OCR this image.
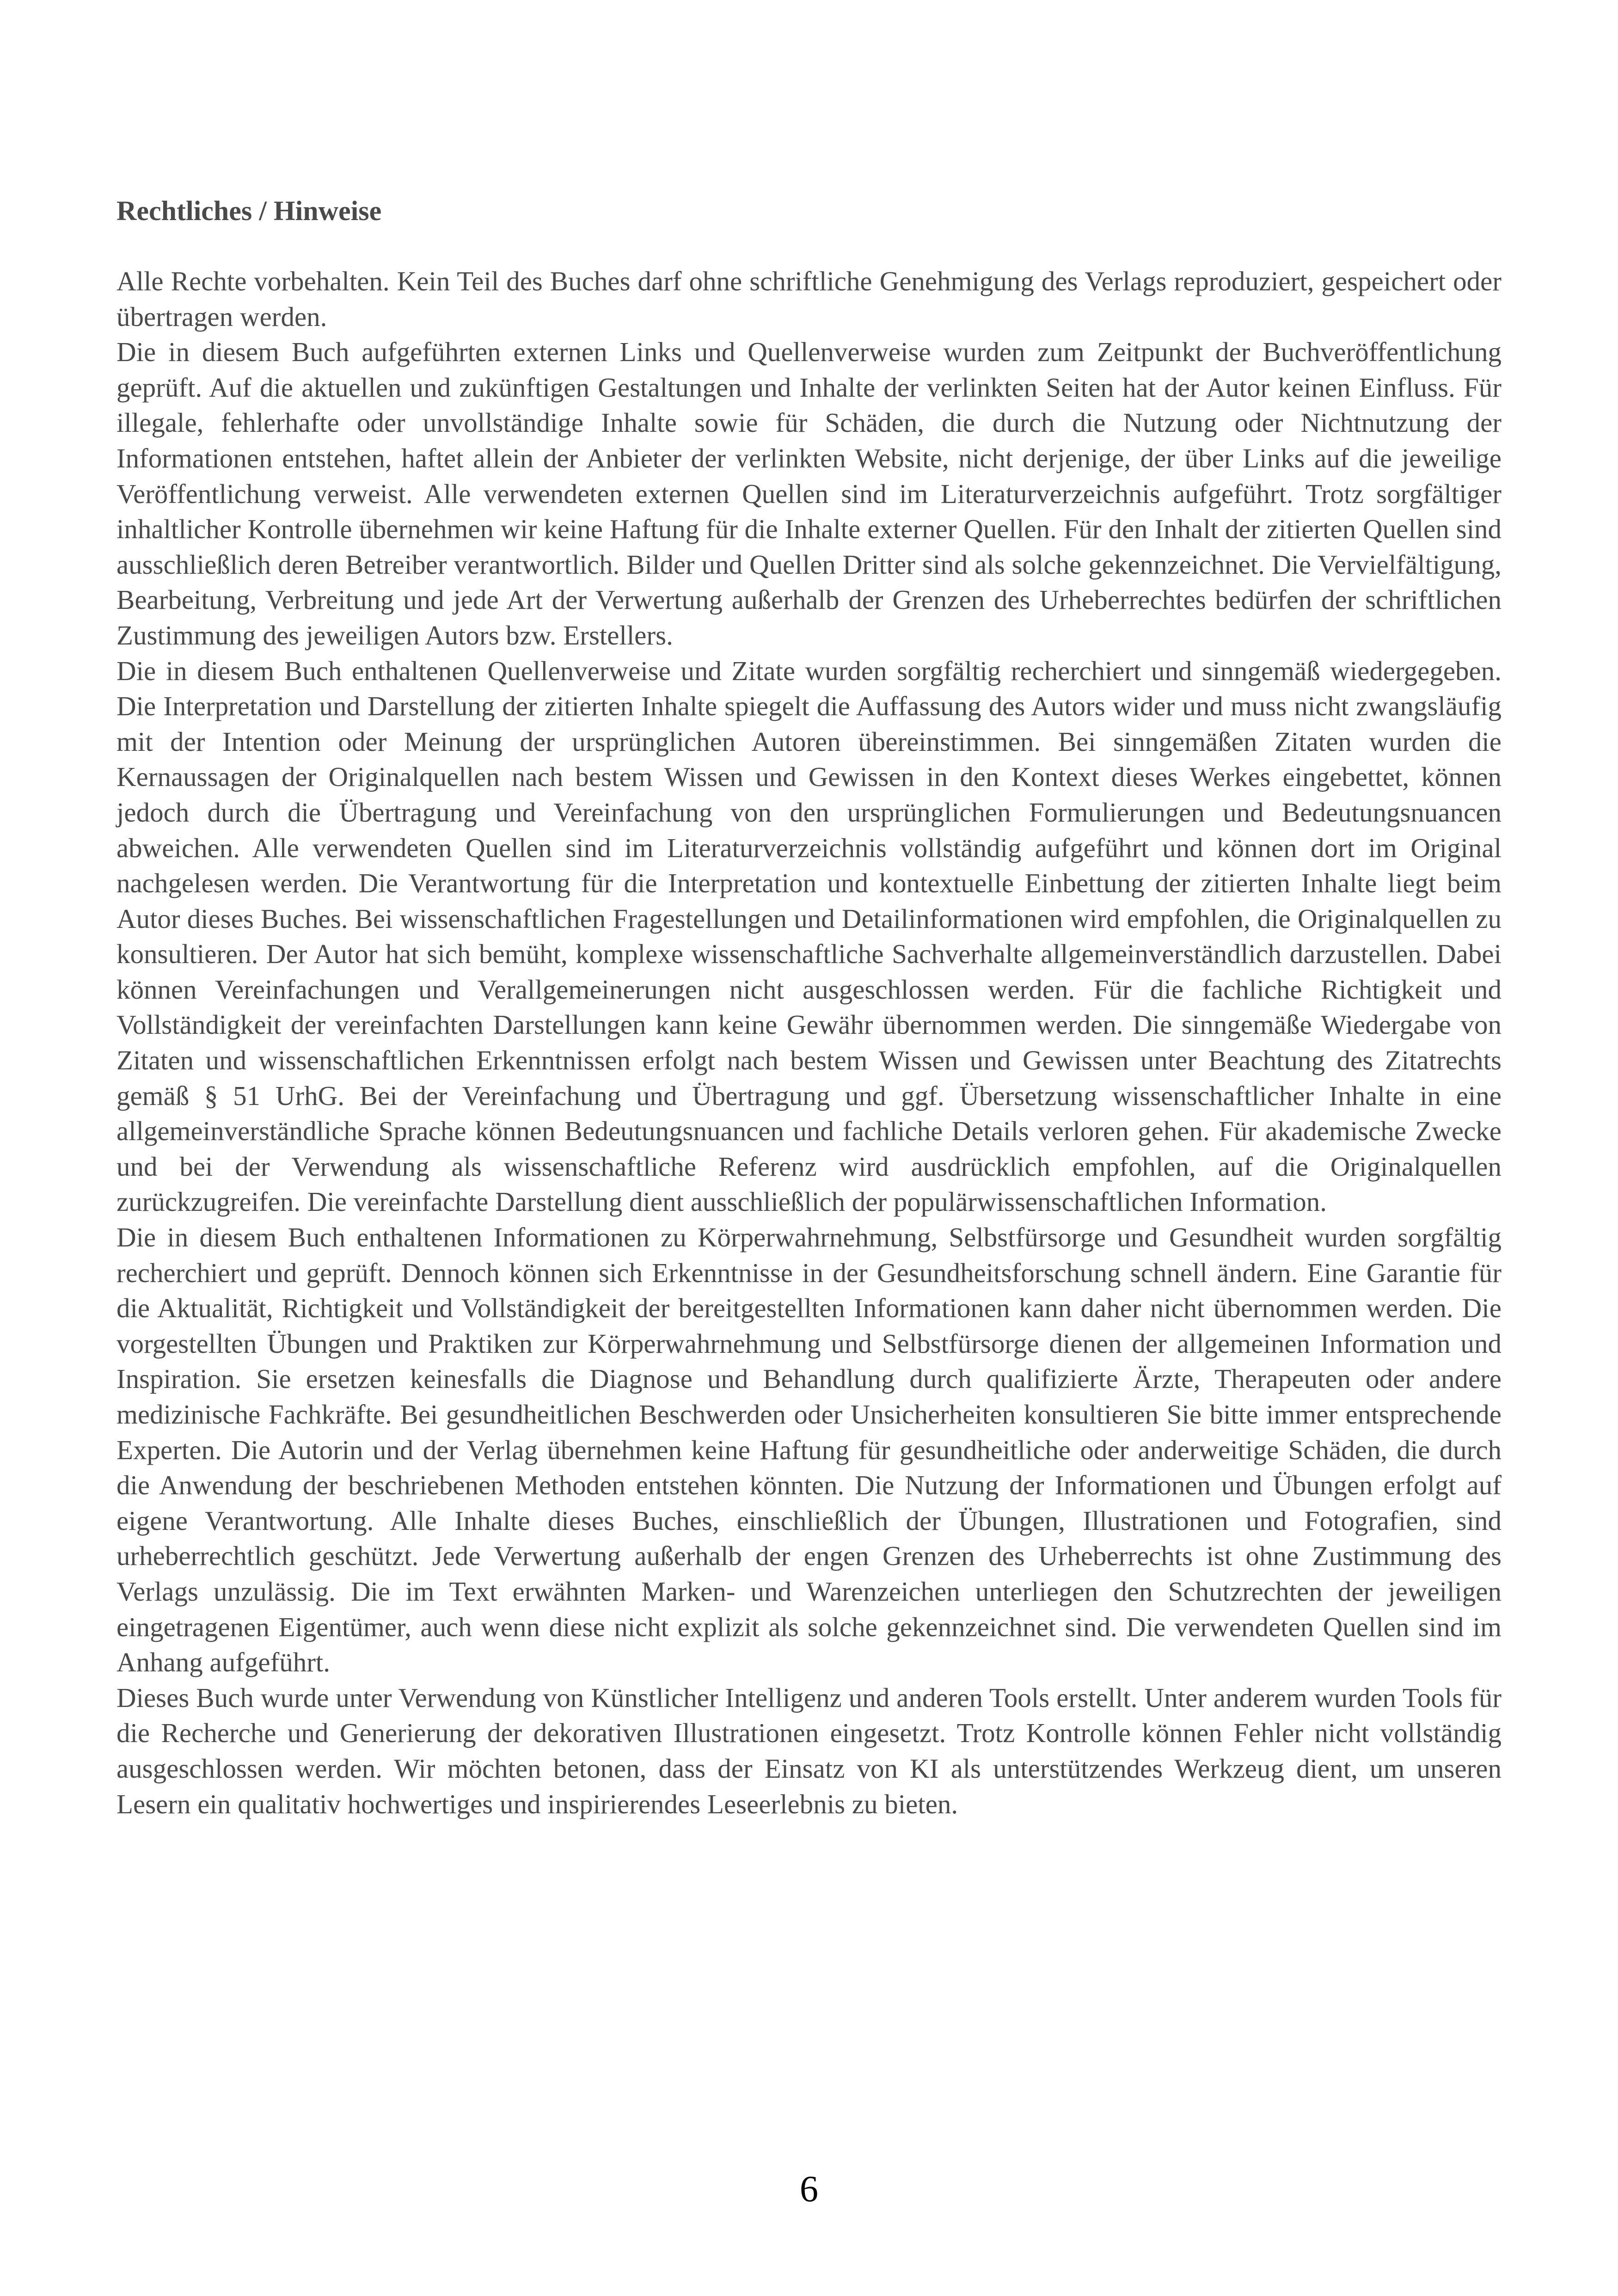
Rechtliches / Hinweise

Alle Rechte vorbehalten. Kein Teil des Buches darf ohne schriftliche Genehmigung des Verlags reproduziert, gespeichert oder übertragen werden.

Die in diesem Buch aufgeführten externen Links und Quellenverweise wurden zum Zeitpunkt der Buchveröffentlichung geprüft. Auf die aktuellen und zukünftigen Gestaltungen und Inhalte der verlinkten Seiten hat der Autor keinen Einfluss. Für illegale, fehlerhafte oder unvollständige Inhalte sowie für Schäden, die durch die Nutzung oder Nichtnutzung der Informationen entstehen, haftet allein der Anbieter der verlinkten Website, nicht derjenige, der über Links auf die jeweilige Veröffentlichung verweist. Alle verwendeten externen Quellen sind im Literaturverzeichnis aufgeführt. Trotz sorgfältiger inhaltlicher Kontrolle übernehmen wir keine Haftung für die Inhalte externer Quellen. Für den Inhalt der zitierten Quellen sind ausschließlich deren Betreiber verantwortlich. Bilder und Quellen Dritter sind als solche gekennzeichnet. Die Vervielfältigung, Bearbeitung, Verbreitung und jede Art der Verwertung außerhalb der Grenzen des Urheberrechtes bedürfen der schriftlichen Zustimmung des jeweiligen Autors bzw. Erstellers.

Die in diesem Buch enthaltenen Quellenverweise und Zitate wurden sorgfältig recherchiert und sinngemäß wiedergegeben. Die Interpretation und Darstellung der zitierten Inhalte spiegelt die Auffassung des Autors wider und muss nicht zwangsläufig mit der Intention oder Meinung der ursprünglichen Autoren übereinstimmen. Bei sinngemäßen Zitaten wurden die Kernaussagen der Originalquellen nach bestem Wissen und Gewissen in den Kontext dieses Werkes eingebettet, können jedoch durch die Übertragung und Vereinfachung von den ursprünglichen Formulierungen und Bedeutungsnuancen abweichen. Alle verwendeten Quellen sind im Literaturverzeichnis vollständig aufgeführt und können dort im Original nachgelesen werden. Die Verantwortung für die Interpretation und kontextuelle Einbettung der zitierten Inhalte liegt beim Autor dieses Buches. Bei wissenschaftlichen Fragestellungen und Detailinformationen wird empfohlen, die Originalquellen zu konsultieren. Der Autor hat sich bemüht, komplexe wissenschaftliche Sachverhalte allgemeinverständlich darzustellen. Dabei können Vereinfachungen und Verallgemeinerungen nicht ausgeschlossen werden. Für die fachliche Richtigkeit und Vollständigkeit der vereinfachten Darstellungen kann keine Gewähr übernommen werden. Die sinngemäße Wiedergabe von Zitaten und wissenschaftlichen Erkenntnissen erfolgt nach bestem Wissen und Gewissen unter Beachtung des Zitatrechts gemäß § 51 UrhG. Bei der Vereinfachung und Übertragung und ggf. Übersetzung wissenschaftlicher Inhalte in eine allgemeinverständliche Sprache können Bedeutungsnuancen und fachliche Details verloren gehen. Für akademische Zwecke und bei der Verwendung als wissenschaftliche Referenz wird ausdrücklich empfohlen, auf die Originalquellen zurückzugreifen. Die vereinfachte Darstellung dient ausschließlich der populärwissenschaftlichen Information.

Die in diesem Buch enthaltenen Informationen zu Körperwahrnehmung, Selbstfürsorge und Gesundheit wurden sorgfältig recherchiert und geprüft. Dennoch können sich Erkenntnisse in der Gesundheitsforschung schnell ändern. Eine Garantie für die Aktualität, Richtigkeit und Vollständigkeit der bereitgestellten Informationen kann daher nicht übernommen werden. Die vorgestellten Übungen und Praktiken zur Körperwahrnehmung und Selbstfürsorge dienen der allgemeinen Information und Inspiration. Sie ersetzen keinesfalls die Diagnose und Behandlung durch qualifizierte Ärzte, Therapeuten oder andere medizinische Fachkräfte. Bei gesundheitlichen Beschwerden oder Unsicherheiten konsultieren Sie bitte immer entsprechende Experten. Die Autorin und der Verlag übernehmen keine Haftung für gesundheitliche oder anderweitige Schäden, die durch die Anwendung der beschriebenen Methoden entstehen könnten. Die Nutzung der Informationen und Übungen erfolgt auf eigene Verantwortung. Alle Inhalte dieses Buches, einschließlich der Übungen, Illustrationen und Fotografien, sind urheberrechtlich geschützt. Jede Verwertung außerhalb der engen Grenzen des Urheberrechts ist ohne Zustimmung des Verlags unzulässig. Die im Text erwähnten Marken- und Warenzeichen unterliegen den Schutzrechten der jeweiligen eingetragenen Eigentümer, auch wenn diese nicht explizit als solche gekennzeichnet sind. Die verwendeten Quellen sind im Anhang aufgeführt.

Dieses Buch wurde unter Verwendung von Künstlicher Intelligenz und anderen Tools erstellt. Unter anderem wurden Tools für die Recherche und Generierung der dekorativen Illustrationen eingesetzt. Trotz Kontrolle können Fehler nicht vollständig ausgeschlossen werden. Wir möchten betonen, dass der Einsatz von KI als unterstützendes Werkzeug dient, um unseren Lesern ein qualitativ hochwertiges und inspirierendes Leseerlebnis zu bieten.

6
